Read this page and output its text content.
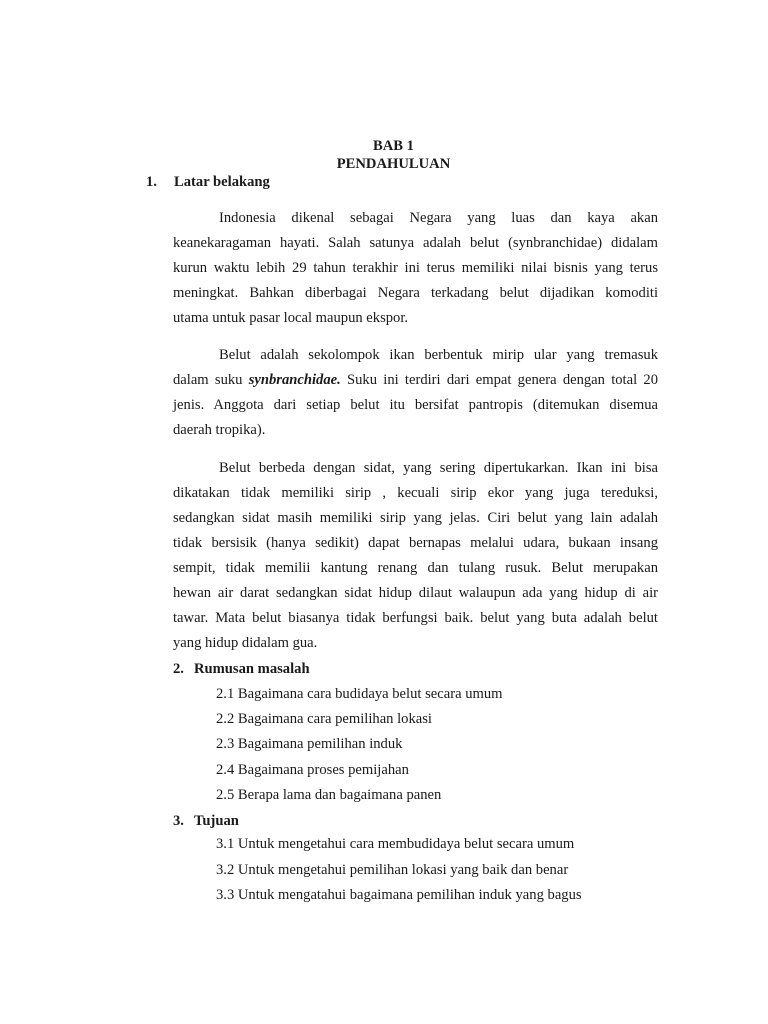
BAB 1
PENDAHULUAN
1. Latar belakang
Indonesia dikenal sebagai Negara yang luas dan kaya akan
keanekaragaman hayati. Salah satunya adalah belut (synbranchidae) didalam
kurun waktu lebih 29 tahun terakhir ini terus memiliki nilai bisnis yang terus
meningkat. Bahkan diberbagai Negara terkadang belut dijadikan komoditi
utama untuk pasar local maupun ekspor.
Belut adalah sekolompok ikan berbentuk mirip ular yang tremasuk
dalam suku synbranchidae. Suku ini terdiri dari empat genera dengan total 20
jenis. Anggota dari setiap belut itu bersifat pantropis (ditemukan disemua
daerah tropika).
Belut berbeda dengan sidat, yang sering dipertukarkan. Ikan ini bisa
dikatakan tidak memiliki sirip , kecuali sirip ekor yang juga tereduksi,
sedangkan sidat masih memiliki sirip yang jelas. Ciri belut yang lain adalah
tidak bersisik (hanya sedikit) dapat bernapas melalui udara, bukaan insang
sempit, tidak memilii kantung renang dan tulang rusuk. Belut merupakan
hewan air darat sedangkan sidat hidup dilaut walaupun ada yang hidup di air
tawar. Mata belut biasanya tidak berfungsi baik. belut yang buta adalah belut
yang hidup didalam gua.
2. Rumusan masalah
2.1 Bagaimana cara budidaya belut secara umum
2.2 Bagaimana cara pemilihan lokasi
2.3 Bagaimana pemilihan induk
2.4 Bagaimana proses pemijahan
2.5 Berapa lama dan bagaimana panen
3. Tujuan
3.1 Untuk mengetahui cara membudidaya belut secara umum
3.2 Untuk mengetahui pemilihan lokasi yang baik dan benar
3.3 Untuk mengatahui bagaimana pemilihan induk yang bagus
